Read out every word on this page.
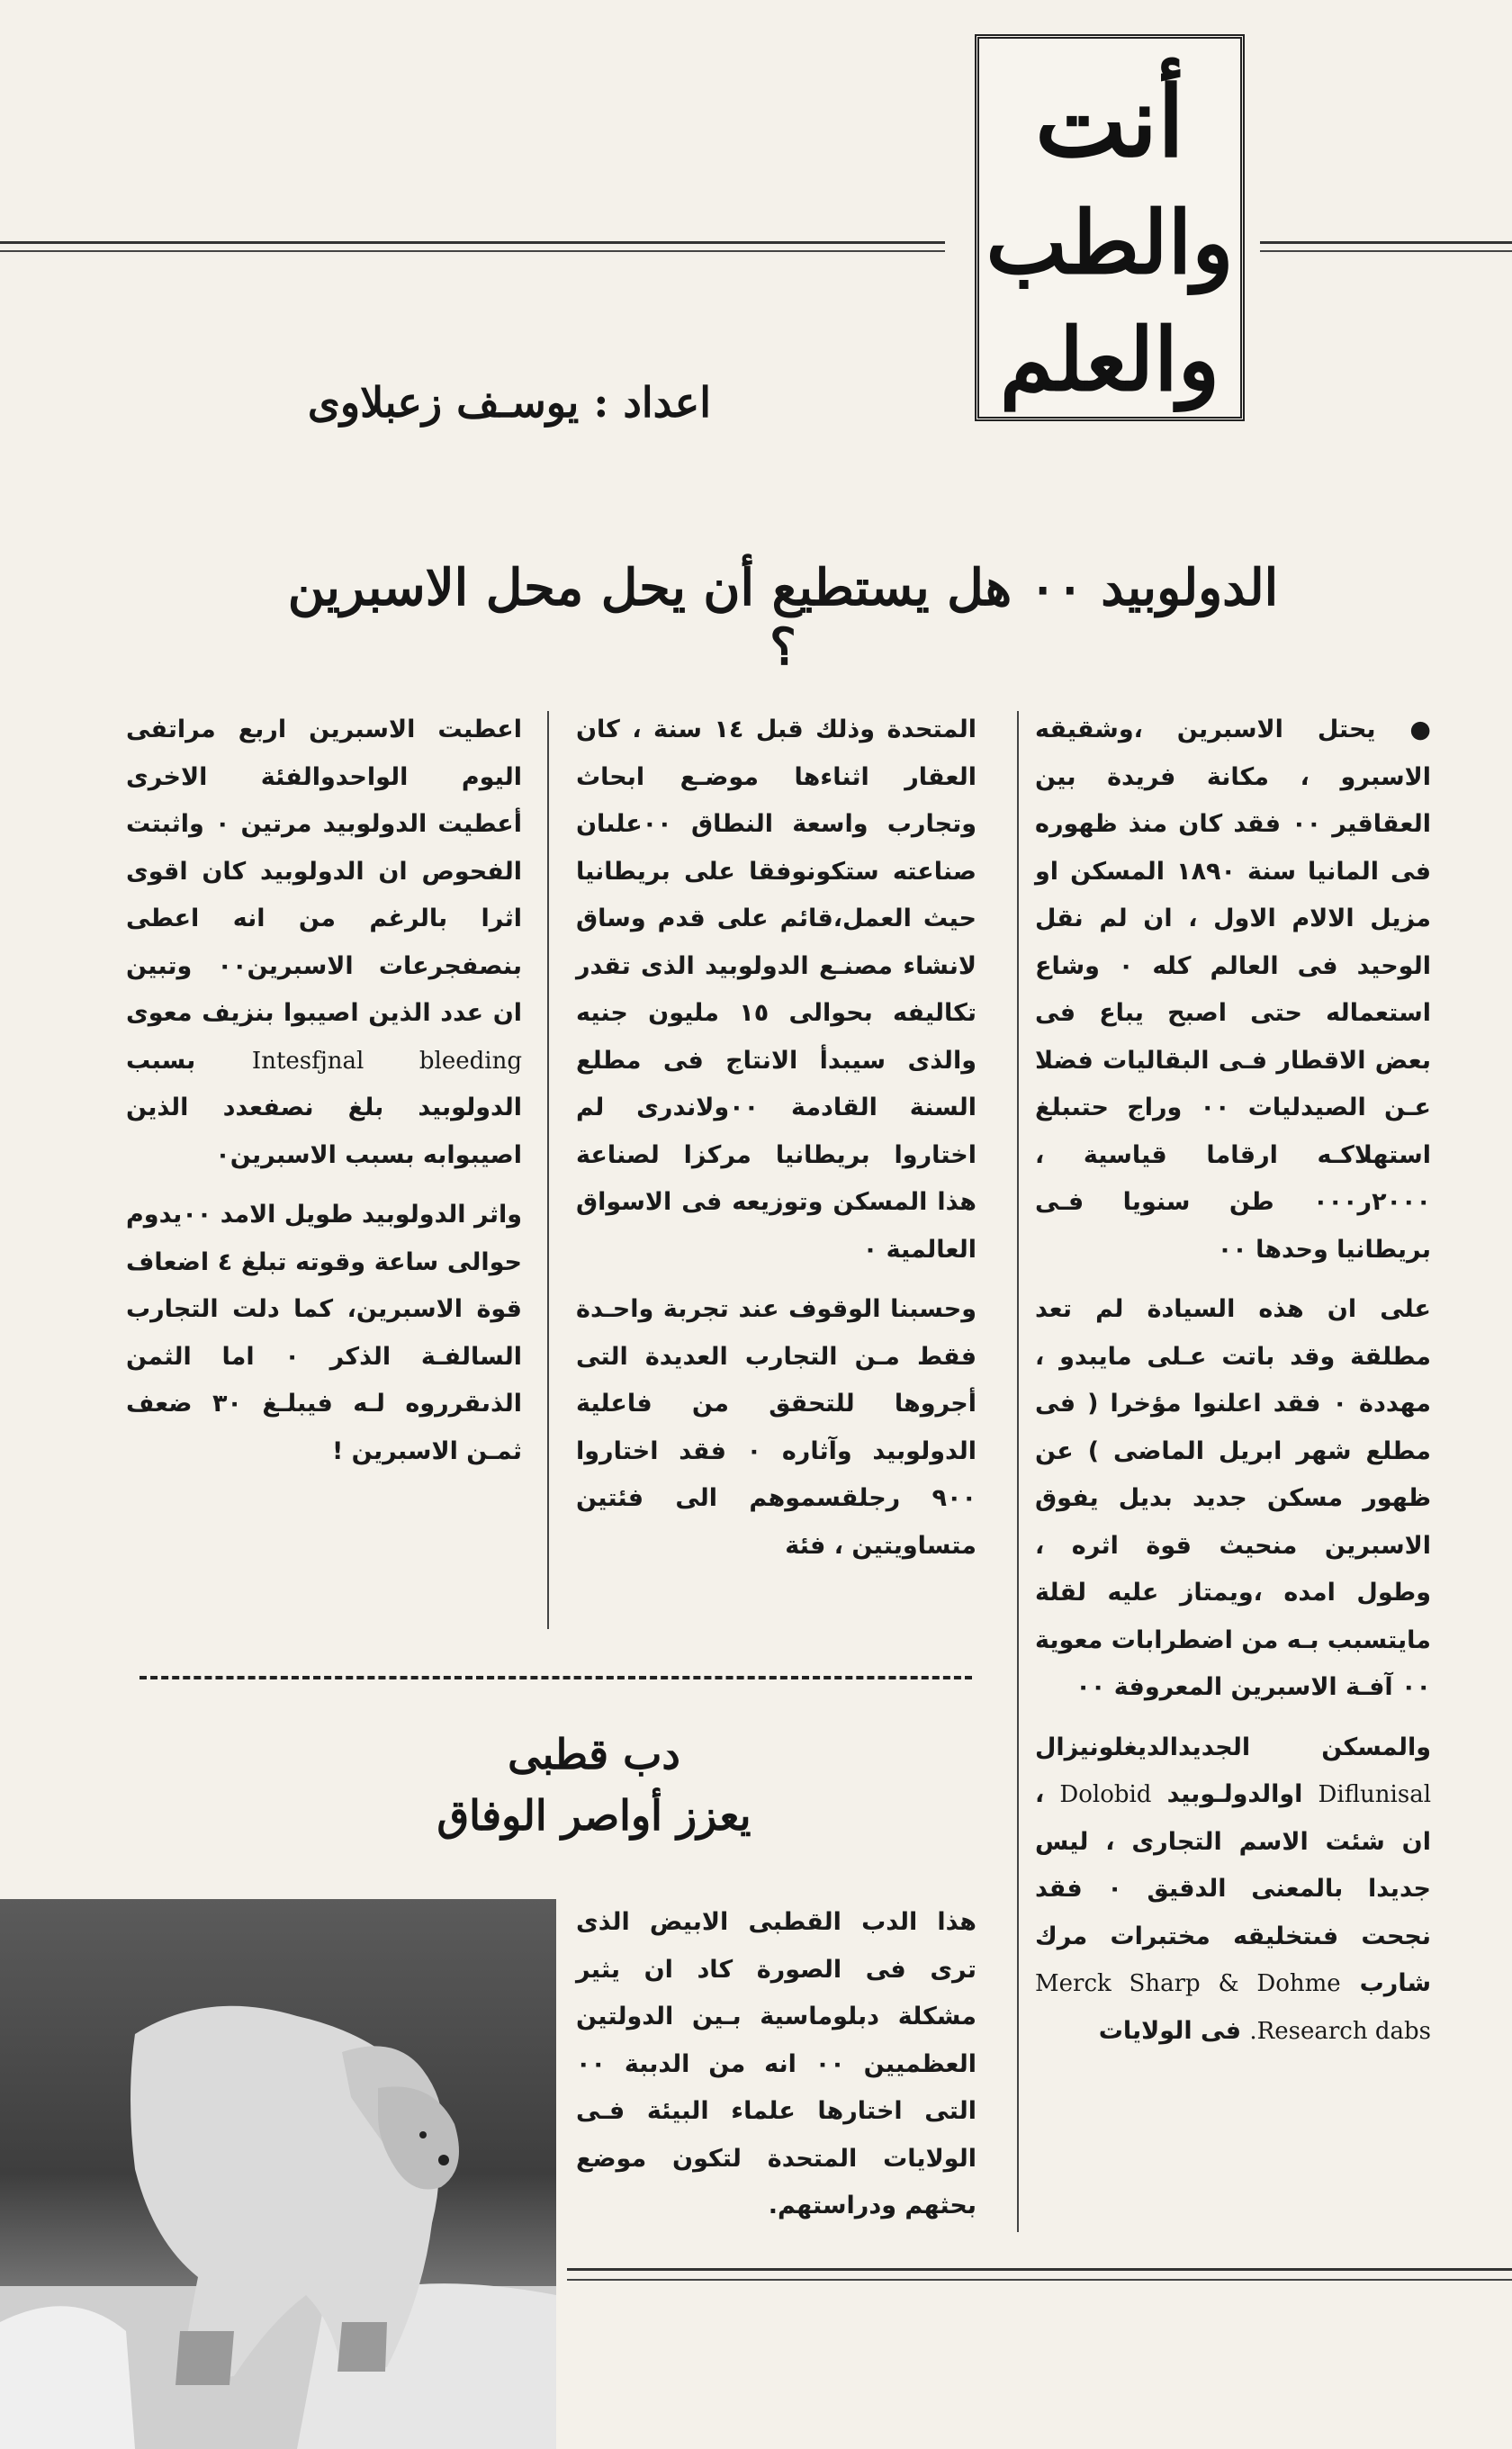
أنت
والطب
والعلم
اعداد : يوسـف زعبلاوى
الدولوبيد ٠٠ هل يستطيع أن يحل محل الاسبرين ؟

● يحتل الاسبرين ،وشقيقه الاسبرو ، مكانة فريدة بين العقاقير ٠٠ فقد كان منذ ظهوره فى المانيا سنة ١٨٩٠ المسكن او مزيل الالام الاول ، ان لم نقل الوحيد فى العالم كله ٠ وشاع استعماله حتى اصبح يباع فى بعض الاقطار فـى البقاليات فضلا عـن الصيدليات ٠٠ وراج حتىبلغ استهلاكـه ارقاما قياسية ، ٢٠٠٠ر٠٠٠ طن سنويا فـى بريطانيا وحدها ٠٠

على ان هذه السيادة لم تعد مطلقة وقد باتت عـلى مايبدو ، مهددة ٠ فقد اعلنوا مؤخرا ( فى مطلع شهر ابريل الماضى ) عن ظهور مسكن جديد بديل يفوق الاسبرين منحيث قوة اثره ، وطول امده ،ويمتاز عليه لقلة مايتسبب بـه من اضطرابات معوية ٠٠ آفـة الاسبرين المعروفة ٠٠

والمسكن الجديدالديغلونيزال Diflunisal اوالدولـوبيد Dolobid ، ان شئت الاسم التجارى ، ليس جديدا بالمعنى الدقيق ٠ فقد نجحت فىتخليقه مختبرات مرك شارب Merck Sharp & Dohme Research dabs. فى الولايات

المتحدة وذلك قبل ١٤ سنة ، كان العقار اثناءها موضـع ابحاث وتجارب واسعة النطاق ٠٠علىان صناعته ستكونوفقا على بريطانيا حيث العمل،قائم على قدم وساق لانشاء مصنـع الدولوبيد الذى تقدر تكاليفه بحوالى ١٥ مليون جنيه والذى سيبدأ الانتاج فى مطلع السنة القادمة ٠٠ولاندرى لم اختاروا بريطانيا مركزا لصناعة هذا المسكن وتوزيعه فى الاسواق العالمية ٠

وحسبنا الوقوف عند تجربة واحـدة فقط مـن التجارب العديدة التى أجروها للتحقق من فاعلية الدولوبيد وآثاره ٠ فقد اختاروا ٩٠٠ رجلقسموهم الى فئتين متساويتين ، فئة

اعطيت الاسبرين اربع مراتفى اليوم الواحدوالفئة الاخرى أعطيت الدولوبيد مرتين ٠ واثبتت الفحوص ان الدولوبيد كان اقوى اثرا بالرغم من انه اعطى بنصفجرعات الاسبرين٠٠ وتبين ان عدد الذين اصيبوا بنزيف معوى Intesfjnal bleeding بسبب الدولوبيد بلغ نصفعدد الذين اصيبوابه بسبب الاسبرين٠

واثر الدولوبيد طويل الامد ٠٠يدوم حوالى ساعة وقوته تبلغ ٤ اضعاف قوة الاسبرين، كما دلت التجارب السالفـة الذكر ٠ اما الثمن الذىقرروه لـه فيبلـغ ٣٠ ضعف ثمـن الاسبرين !

دب قطبى
يعزز أواصر الوفاق

هذا الدب القطبى الابيض الذى ترى فى الصورة كاد ان يثير مشكلة دبلوماسية بـين الدولتين العظميين ٠٠ انه من الدببة ٠٠ التى اختارها علماء البيئة فـى الولايات المتحدة لتكون موضع بحثهم ودراستهم.
